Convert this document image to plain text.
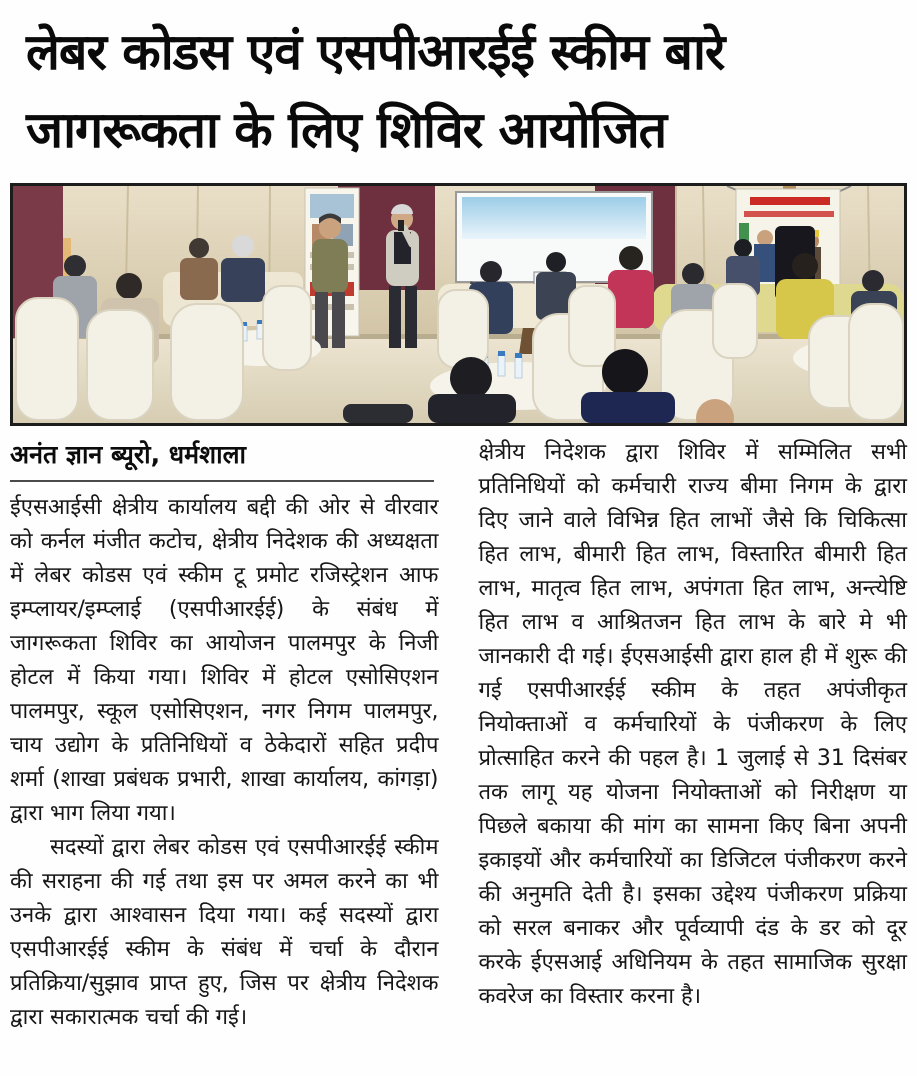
लेबर कोडस एवं एसपीआरईई स्कीम बारे
जागरूकता के लिए शिविर आयोजित
अनंत ज्ञान ब्यूरो, धर्मशाला

ईएसआईसी क्षेत्रीय कार्यालय बद्दी की ओर से वीरवार को कर्नल मंजीत कटोच, क्षेत्रीय निदेशक की अध्यक्षता में लेबर कोडस एवं स्कीम टू प्रमोट रजिस्ट्रेशन आफ इम्प्लायर/इम्प्लाई (एसपीआरईई) के संबंध में जागरूकता शिविर का आयोजन पालमपुर के निजी होटल में किया गया। शिविर में होटल एसोसिएशन पालमपुर, स्कूल एसोसिएशन, नगर निगम पालमपुर, चाय उद्योग के प्रतिनिधियों व ठेकेदारों सहित प्रदीप शर्मा (शाखा प्रबंधक प्रभारी, शाखा कार्यालय, कांगड़ा) द्वारा भाग लिया गया।

सदस्यों द्वारा लेबर कोडस एवं एसपीआरईई स्कीम की सराहना की गई तथा इस पर अमल करने का भी उनके द्वारा आश्वासन दिया गया। कई सदस्यों द्वारा एसपीआरईई स्कीम के संबंध में चर्चा के दौरान प्रतिक्रिया/सुझाव प्राप्त हुए, जिस पर क्षेत्रीय निदेशक द्वारा सकारात्मक चर्चा की गई।

क्षेत्रीय निदेशक द्वारा शिविर में सम्मिलित सभी प्रतिनिधियों को कर्मचारी राज्य बीमा निगम के द्वारा दिए जाने वाले विभिन्न हित लाभों जैसे कि चिकित्सा हित लाभ, बीमारी हित लाभ, विस्तारित बीमारी हित लाभ, मातृत्व हित लाभ, अपंगता हित लाभ, अन्त्येष्टि हित लाभ व आश्रितजन हित लाभ के बारे मे भी जानकारी दी गई। ईएसआईसी द्वारा हाल ही में शुरू की गई एसपीआरईई स्कीम के तहत अपंजीकृत नियोक्ताओं व कर्मचारियों के पंजीकरण के लिए प्रोत्साहित करने की पहल है। 1 जुलाई से 31 दिसंबर तक लागू यह योजना नियोक्ताओं को निरीक्षण या पिछले बकाया की मांग का सामना किए बिना अपनी इकाइयों और कर्मचारियों का डिजिटल पंजीकरण करने की अनुमति देती है। इसका उद्देश्य पंजीकरण प्रक्रिया को सरल बनाकर और पूर्वव्यापी दंड के डर को दूर करके ईएसआई अधिनियम के तहत सामाजिक सुरक्षा कवरेज का विस्तार करना है।
